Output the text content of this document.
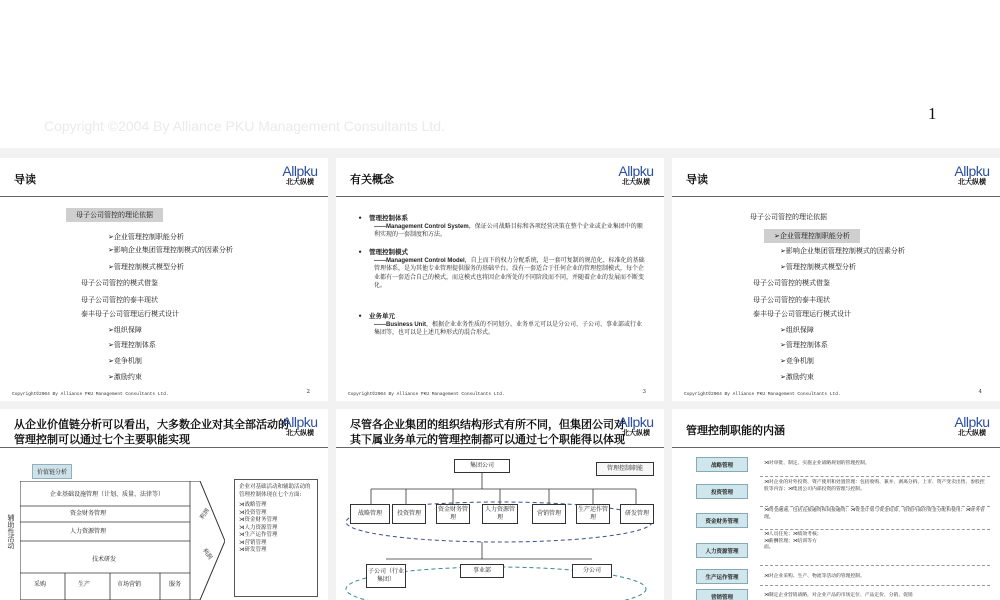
Copyright ©2004 By Alliance PKU Management Consultants Ltd.
1
导读
Allpku
北大纵横
母子公司管控的理论依据
➢企业管理控制职能分析
➢影响企业集团管理控制模式的因素分析
➢管理控制模式模型分析
母子公司管控的模式借鉴
母子公司管控的泰丰现状
泰丰母子公司管理运行模式设计
➢组织保障
➢管理控制体系
➢竞争机制
➢激励约束
Copyright©2004 By Alliance PKU Management Consultants Ltd.	2
有关概念
Allpku
北大纵横
•   管理控制体系
——Management Control System，保证公司战略目标和各项经营决策在整个企业或企业集团中的顺利实现的一套制度和方法。
•   管理控制模式
——Management Control Model，自上而下的权力分配系统，是一套可复制的规范化、标准化的基础管理体系，是为其他专业管理提供服务的基础平台。没有一套适合于任何企业的管理控制模式，每个企业都有一套适合自己的模式，而这模式也将因企业所处的不同阶段而不同，并随着企业的发展而不断变化。
•   业务单元
——Business Unit，根据企业业务性质的不同划分。业务单元可以是分公司、子公司、事业部或行业集团等，也可以是上述几种形式的混合形式。
Copyright©2004 By Alliance PKU Management Consultants Ltd.	3
导读
Allpku
北大纵横
母子公司管控的理论依据
➢企业管理控制职能分析
➢影响企业集团管理控制模式的因素分析
➢管理控制模式模型分析
母子公司管控的模式借鉴
母子公司管控的泰丰现状
泰丰母子公司管理运行模式设计
➢组织保障
➢管理控制体系
➢竞争机制
➢激励约束
Copyright©2004 By Alliance PKU Management Consultants Ltd.	4
从企业价值链分析可以看出，大多数企业对其全部活动的管理控制可以通过七个主要职能实现
Allpku
北大纵横
价值链分析
辅助性活动
企业基础设施管理（计划、质量、法律等）
资金财务管理
人力资源管理
技术研发
采购	生产	市场营销	服务
利润
利润
企业对基础活动和辅助活动的管理控制体现在七个方面:
⋊战略管理
⋊投资管理
⋊资金财务管理
⋊人力资源管理
⋊生产运作管理
⋊营销管理
⋊研发管理
尽管各企业集团的组织结构形式有所不同，但集团公司对其下属业务单元的管理控制都可以通过七个职能得以体现
Allpku
北大纵横
集团公司	管理控制职能
战略管理	投资管理
资金财务管理
人力资源管理
营销管理
生产运作管理
研发管理
子公司（行业集团）
事业部	分公司
管理控制职能的内涵
Allpku
北大纵横
战略管理	⋊对审批、制定、实施企业战略规划的管理控制。
投资管理
⋊对企业的对外投资、资产使用和处置管理：包括收购、兼并、剥离分拆、上市、资产变卖出售、参股控股等内容；⋊集团公司内部投资的管理与控制。
资金财务管理
⋊资金融通，包括直接融资和间接融资；⋊资金计划与资金结算，管理内部的资金分配和使用；⋊财务管理。
人力资源管理
⋊人员任免；⋊绩效考核；⋊薪酬管理；⋊培训等方面。
生产运作管理	⋊对企业采购、生产、物流等活动的管理控制。
营销管理	⋊制定企业营销战略，对企业产品的市场定位、产品定价、分销、促销
